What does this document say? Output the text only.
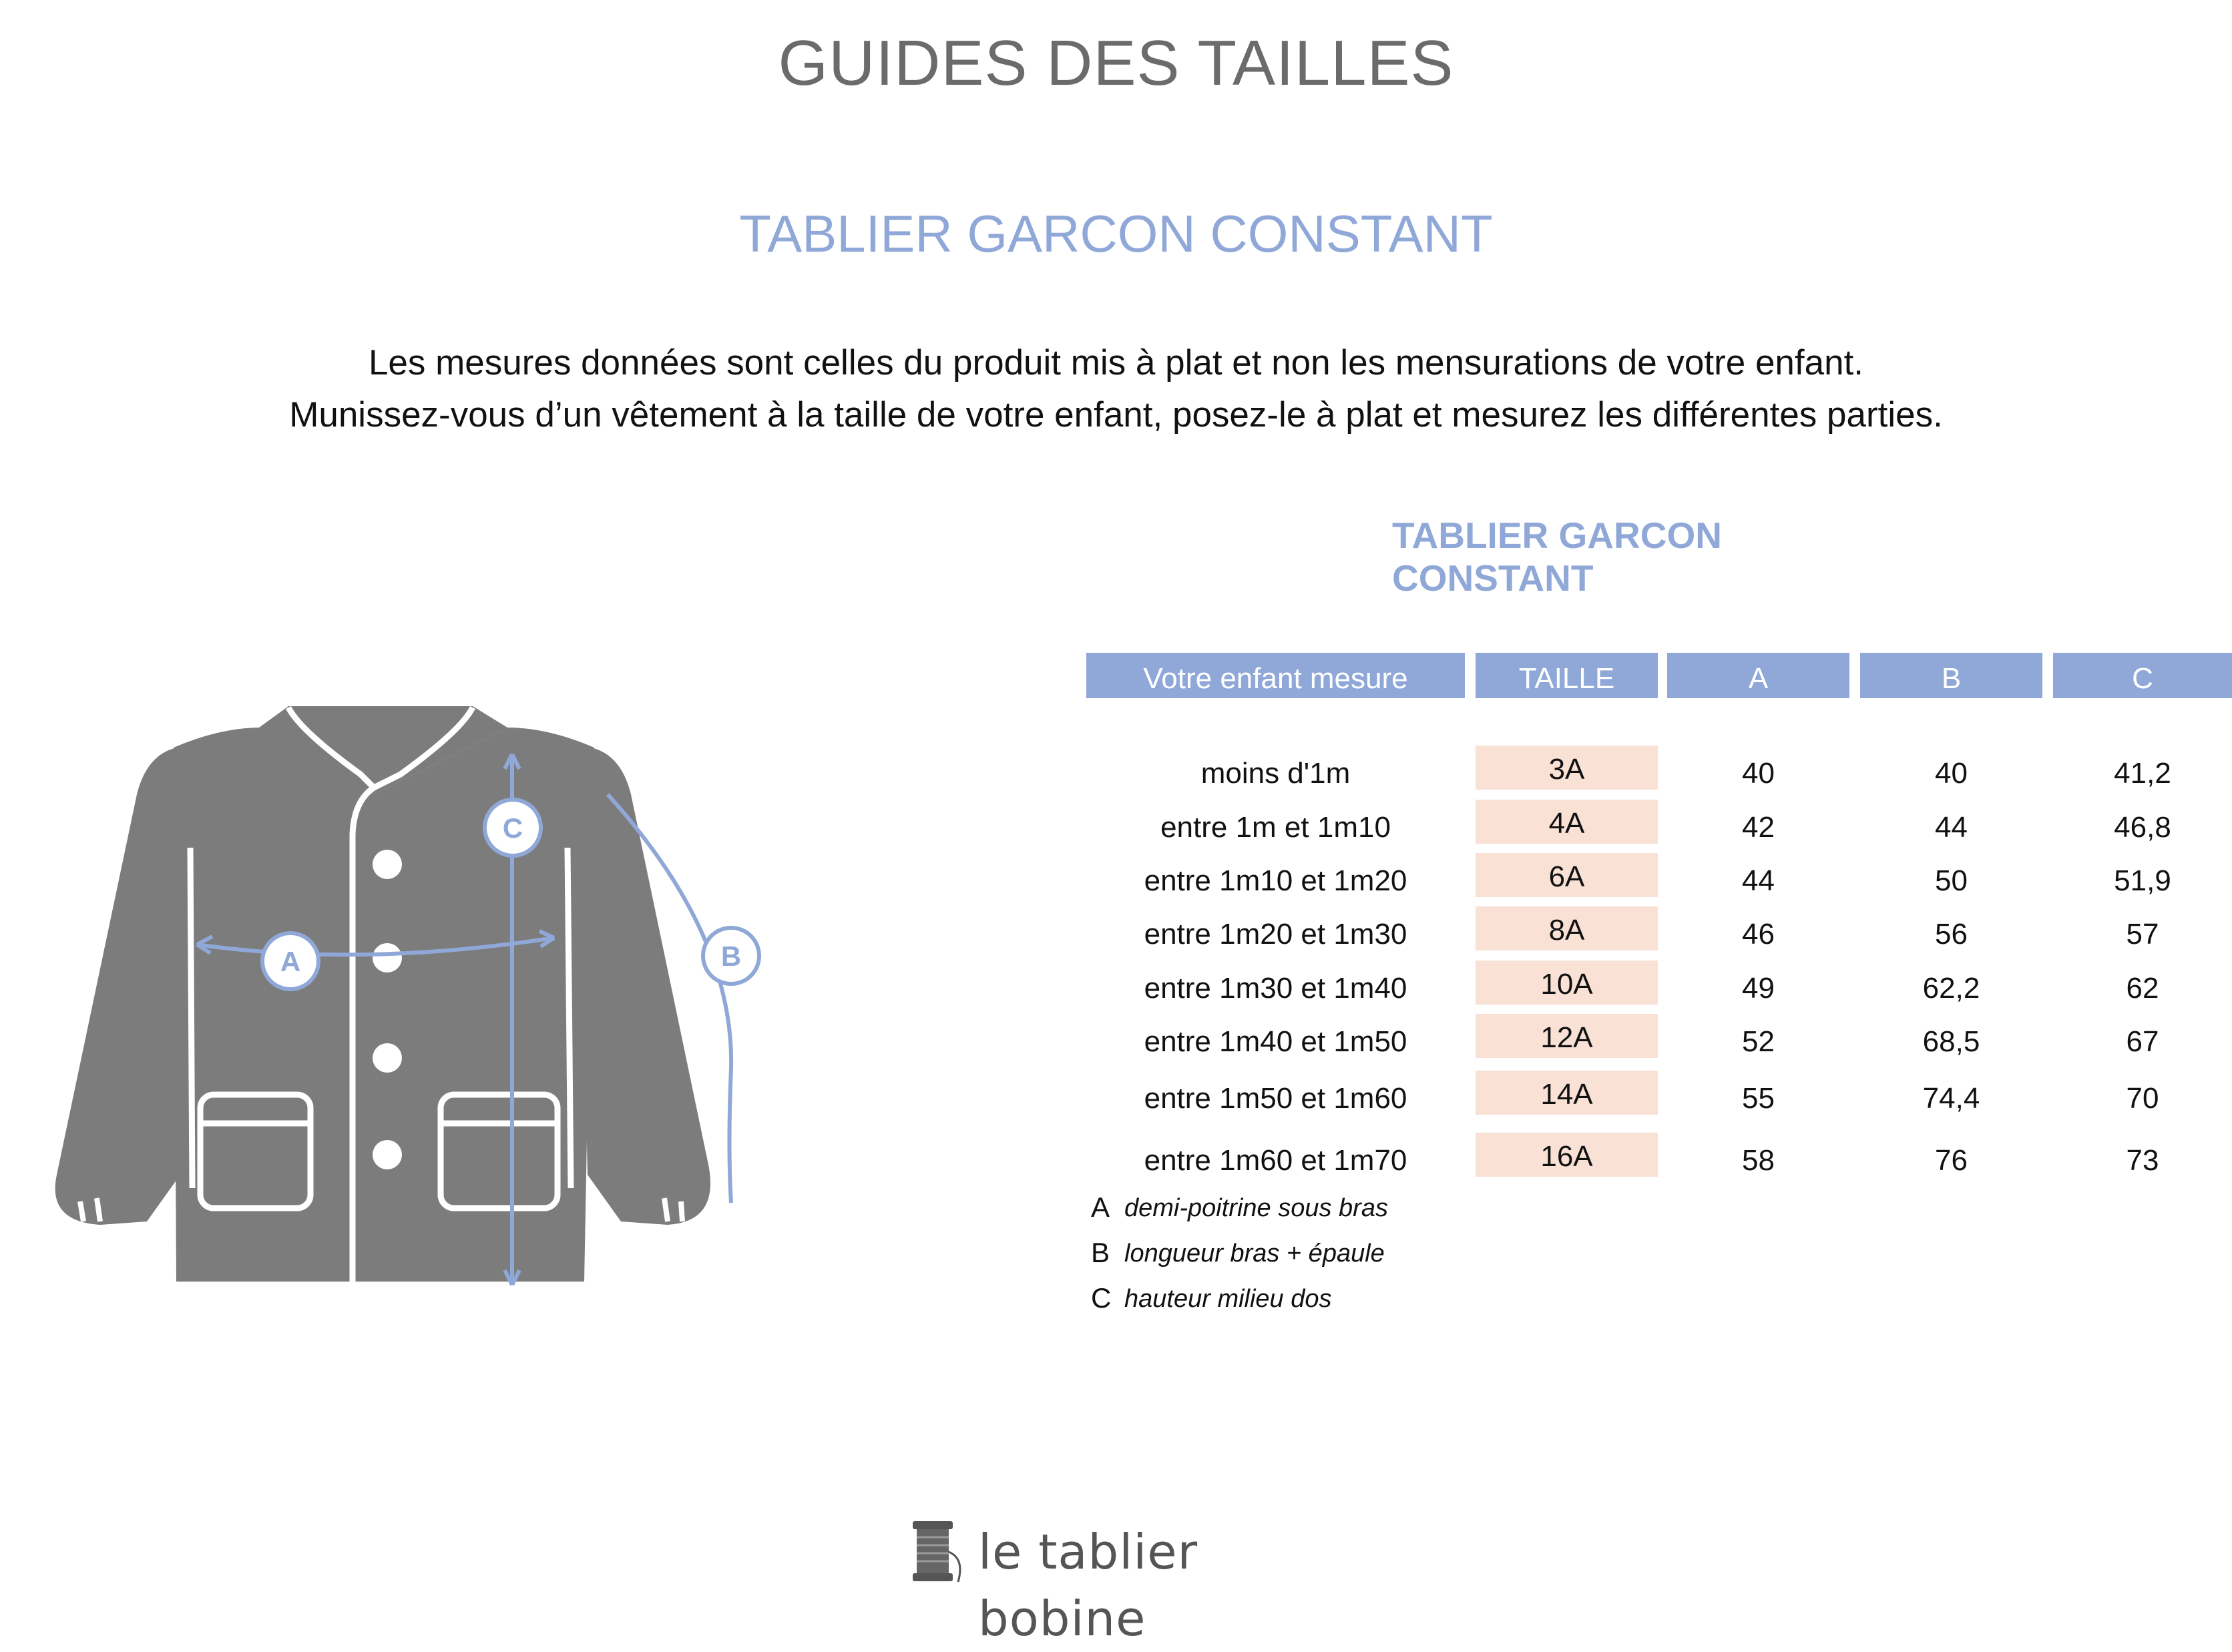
GUIDES DES TAILLES
TABLIER GARCON CONSTANT
Les mesures données sont celles du produit mis à plat et non les mensurations de votre enfant.
Munissez-vous d’un vêtement à la taille de votre enfant, posez-le à plat et mesurez les différentes parties.
A
C
B
TABLIER GARCON CONSTANT
Votre enfant mesure	TAILLE	A	B	C
moins d'1m	3A	40	40	41,2
entre 1m et 1m10	4A	42	44	46,8
entre 1m10 et 1m20	6A	44	50	51,9
entre 1m20 et 1m30	8A	46	56	57
entre 1m30 et 1m40	10A	49	62,2	62
entre 1m40 et 1m50	12A	52	68,5	67
entre 1m50 et 1m60	14A	55	74,4	70
entre 1m60 et 1m70	16A	58	76	73
A demi-poitrine sous bras
B longueur bras + épaule
C hauteur milieu dos
le tablier bobine
